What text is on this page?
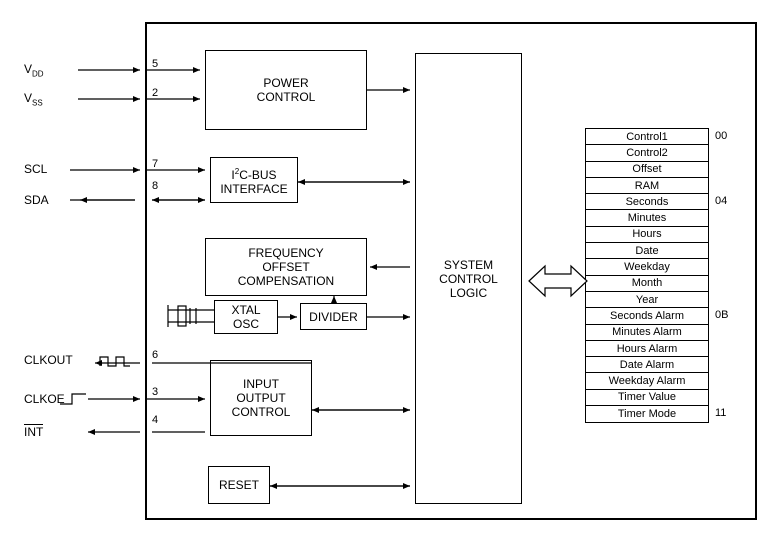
$V_{DD}$
$V_{SS}$
SCL
SDA
CLKOUT
CLKOE
INT
5
2
7
8
6
3
4
POWER
CONTROL
$I^2C$-BUS
INTERFACE
FREQUENCY
OFFSET
COMPENSATION
XTAL
OSC
DIVIDER
INPUT
OUTPUT
CONTROL
RESET
SYSTEM
CONTROL
LOGIC
Control1
Control2
Offset
RAM
Seconds
Minutes
Hours
Date
Weekday
Month
Year
Seconds Alarm
Minutes Alarm
Hours Alarm
Date Alarm
Weekday Alarm
Timer Value
Timer Mode
00
04
0B
11
